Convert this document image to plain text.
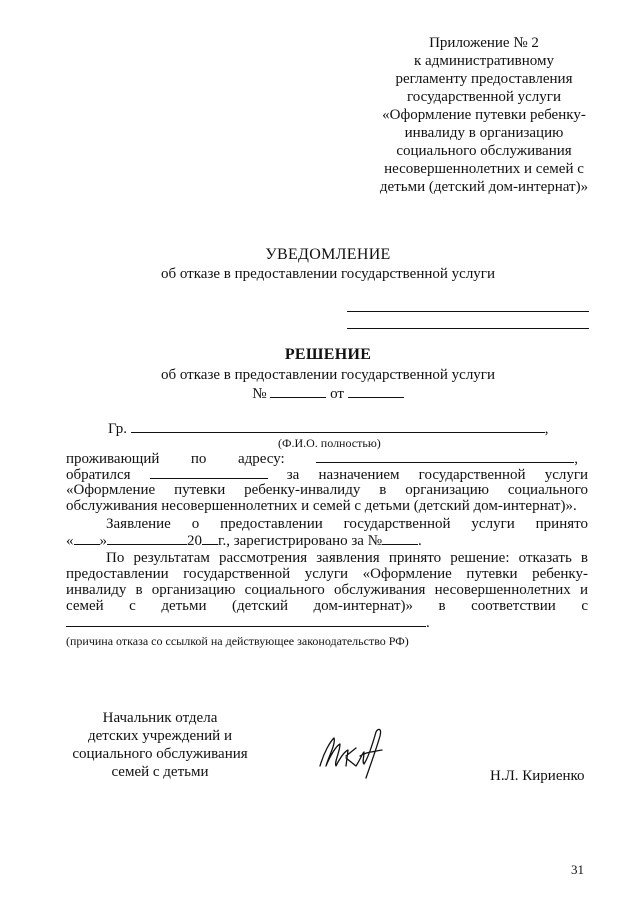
Приложение № 2
к административному
регламенту предоставления
государственной услуги
«Оформление путевки ребенку-
инвалиду в организацию
социального обслуживания
несовершеннолетних и семей с
детьми (детский дом-интернат)»
УВЕДОМЛЕНИЕ
об отказе в предоставлении государственной услуги
РЕШЕНИЕ
об отказе в предоставлении государственной услуги
№	от
Гр.	,
(Ф.И.О. полностью)
проживающий по адресу:	,
обратился	за назначением государственной услуги
«Оформление путевки ребенку-инвалиду в организацию социального
обслуживания несовершеннолетних и семей с детьми (детский дом-интернат)».
Заявление о предоставлении государственной услуги принято
« »	20 г., зарегистрировано за № .
По результатам рассмотрения заявления принято решение: отказать в
предоставлении государственной услуги «Оформление путевки ребенку-
инвалиду в организацию социального обслуживания несовершеннолетних и
семей с детьми (детский дом-интернат)» в соответствии с
.
(причина отказа со ссылкой на действующее законодательство РФ)
Начальник отдела
детских учреждений и
социального обслуживания
семей с детьми	Н.Л. Кириенко
31
